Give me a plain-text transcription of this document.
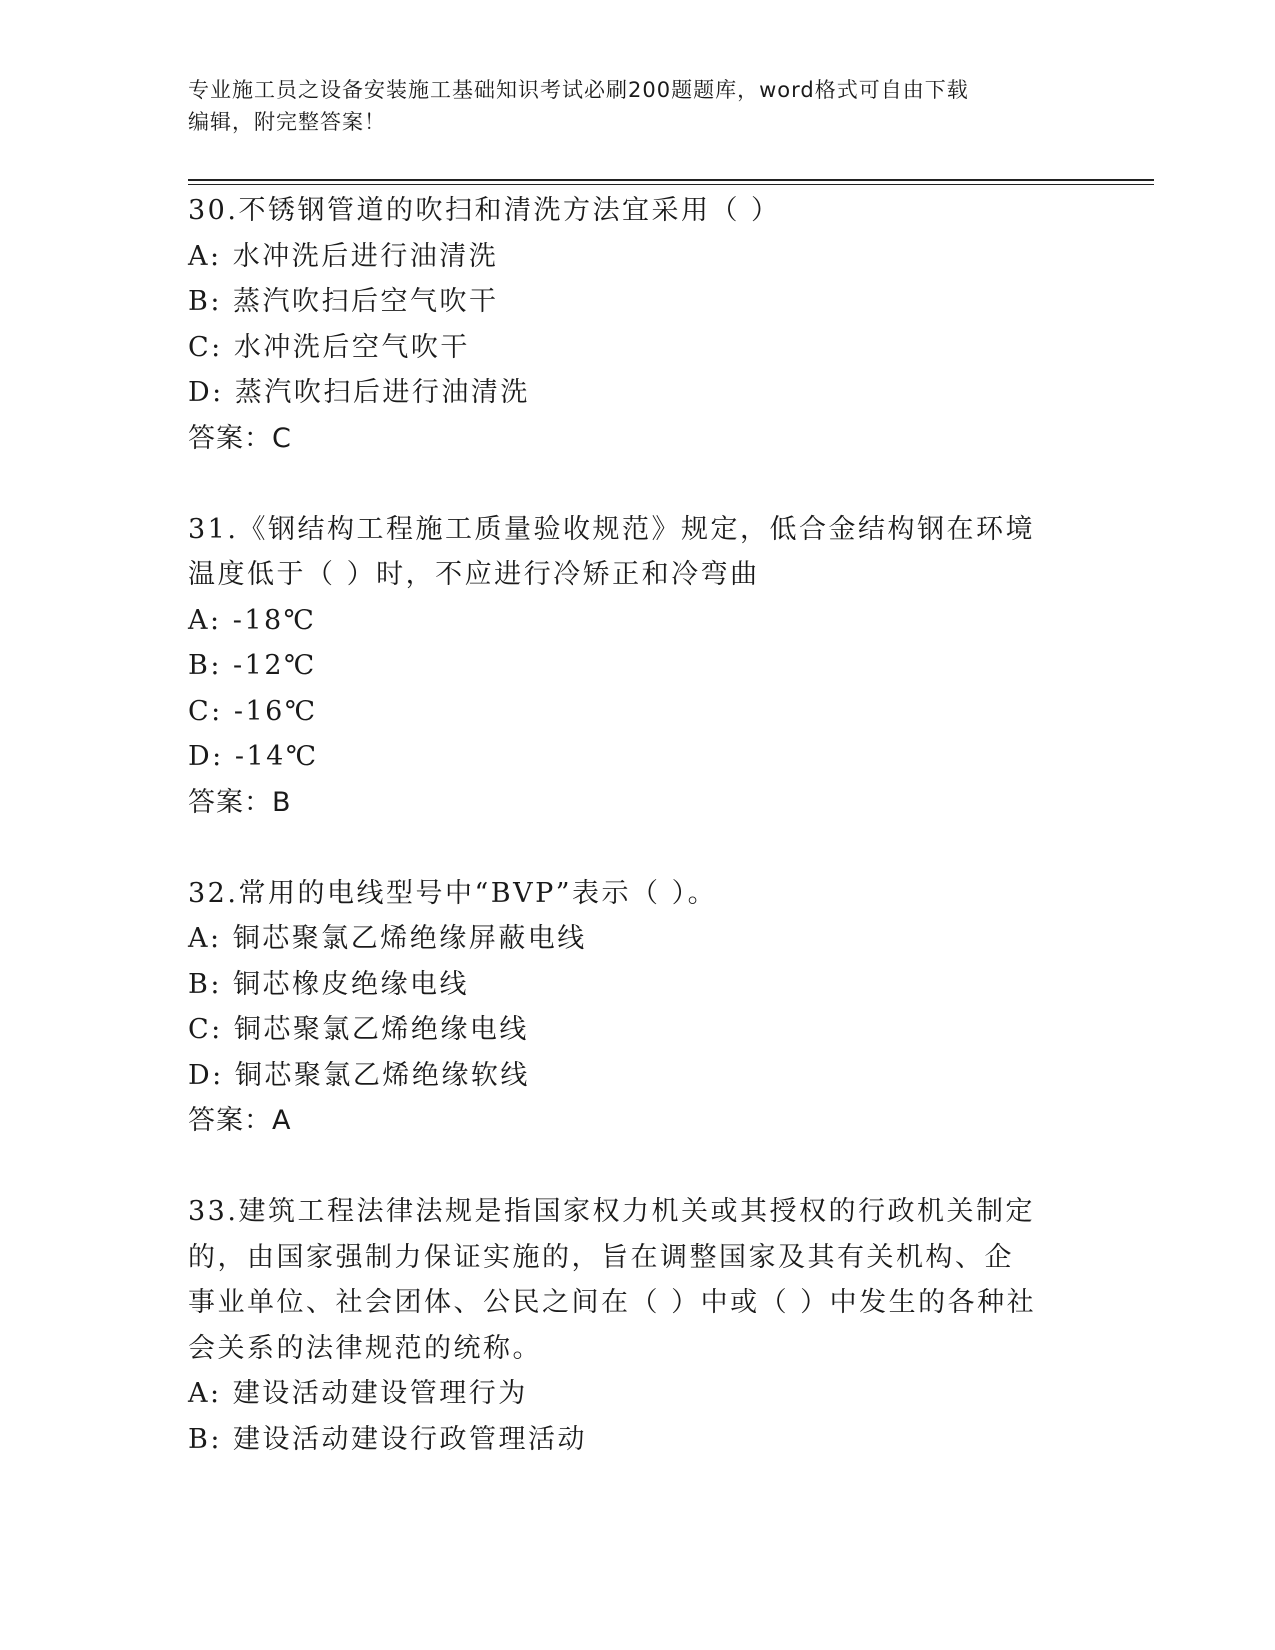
专业施工员之设备安装施工基础知识考试必刷200题题库，word格式可自由下载
编辑，附完整答案！

30.不锈钢管道的吹扫和清洗方法宜采用（ ）

A: 水冲洗后进行油清洗

B: 蒸汽吹扫后空气吹干

C: 水冲洗后空气吹干

D: 蒸汽吹扫后进行油清洗

答案：C

31.《钢结构工程施工质量验收规范》规定，低合金结构钢在环境温度低于（ ）时，不应进行冷矫正和冷弯曲

A: -18℃

B: -12℃

C: -16℃

D: -14℃

答案：B

32.常用的电线型号中“BVP”表示（ ）。

A: 铜芯聚氯乙烯绝缘屏蔽电线

B: 铜芯橡皮绝缘电线

C: 铜芯聚氯乙烯绝缘电线

D: 铜芯聚氯乙烯绝缘软线

答案：A

33.建筑工程法律法规是指国家权力机关或其授权的行政机关制定的，由国家强制力保证实施的，旨在调整国家及其有关机构、企事业单位、社会团体、公民之间在（ ）中或（ ）中发生的各种社会关系的法律规范的统称。

A: 建设活动建设管理行为

B: 建设活动建设行政管理活动
